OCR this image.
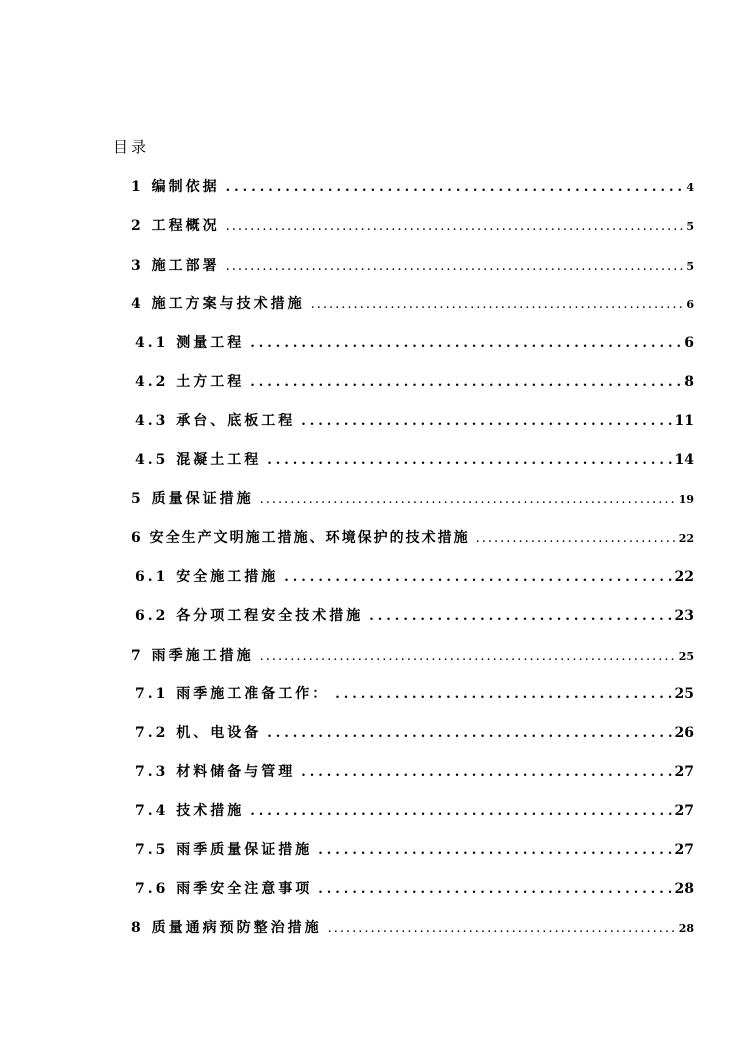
目录
1 编制依据 .....	4
2 工程概况 .....	5
3 施工部署 .....	5
4 施工方案与技术措施 .....	6
4.1 测量工程 .....	6
4.2 土方工程 .....	8
4.3 承台、底板工程 .....	11
4.5 混凝土工程 .....	14
5 质量保证措施 .....	19
6 安全生产文明施工措施、环境保护的技术措施 .....	22
6.1 安全施工措施 .....	22
6.2 各分项工程安全技术措施 .....	23
7 雨季施工措施 .....	25
7.1 雨季施工准备工作： .....	25
7.2 机、电设备 .....	26
7.3 材料储备与管理 .....	27
7.4 技术措施 .....	27
7.5 雨季质量保证措施 .....	27
7.6 雨季安全注意事项 .....	28
8 质量通病预防整治措施 .....	28
